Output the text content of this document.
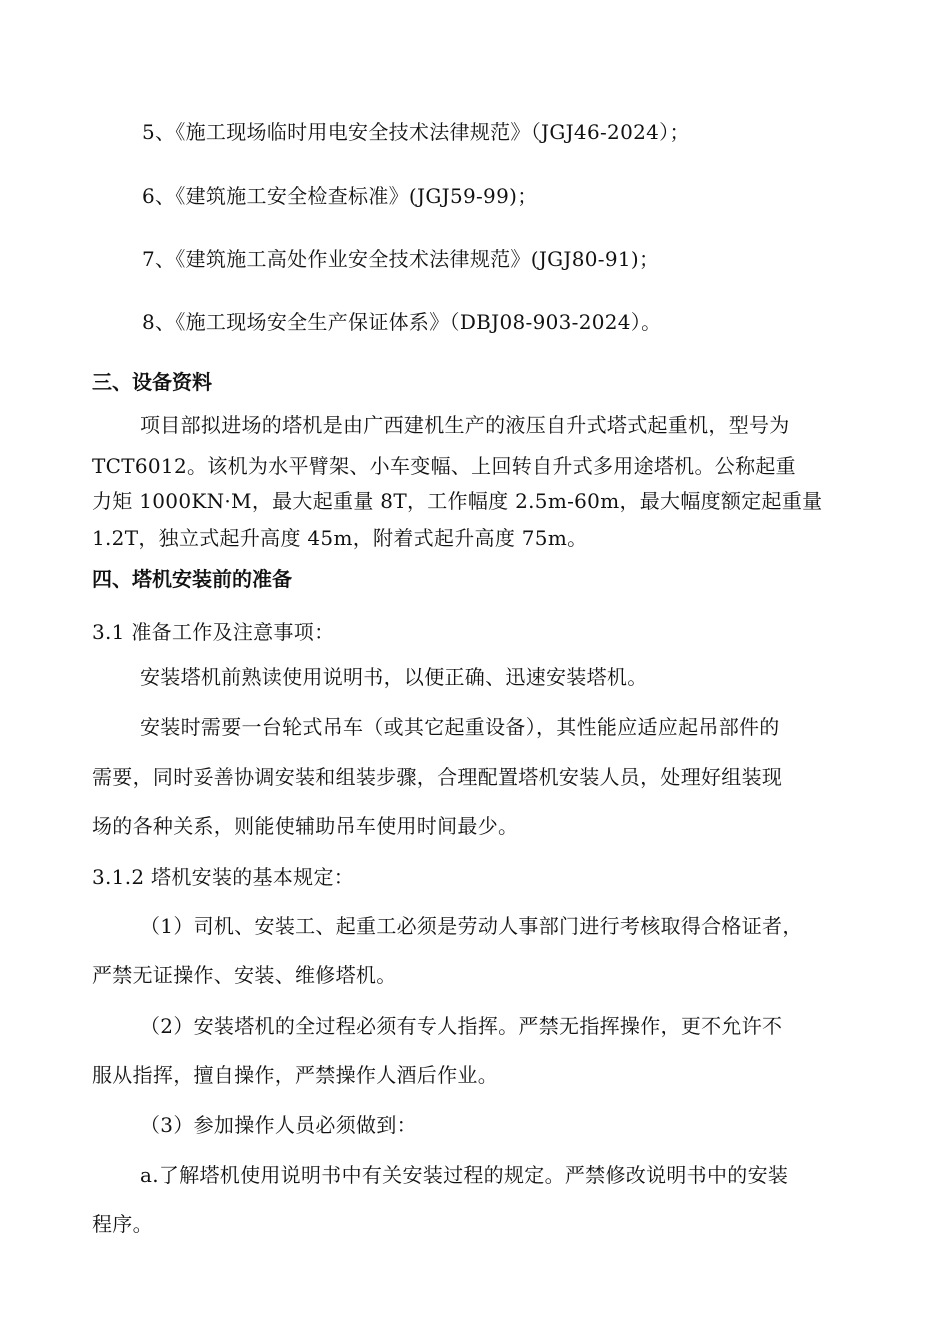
5、《施工现场临时用电安全技术法律规范》（JGJ46-2024）；
6、《建筑施工安全检查标准》(JGJ59-99)；
7、《建筑施工高处作业安全技术法律规范》(JGJ80-91)；
8、《施工现场安全生产保证体系》（DBJ08-903-2024）。
三、设备资料
项目部拟进场的塔机是由广西建机生产的液压自升式塔式起重机，型号为
TCT6012。该机为水平臂架、小车变幅、上回转自升式多用途塔机。公称起重
力矩 1000KN·M，最大起重量 8T，工作幅度 2.5m-60m，最大幅度额定起重量
1.2T，独立式起升高度 45m，附着式起升高度 75m。
四、塔机安装前的准备
3.1 准备工作及注意事项：
安装塔机前熟读使用说明书，以便正确、迅速安装塔机。
安装时需要一台轮式吊车（或其它起重设备），其性能应适应起吊部件的
需要，同时妥善协调安装和组装步骤，合理配置塔机安装人员，处理好组装现
场的各种关系，则能使辅助吊车使用时间最少。
3.1.2 塔机安装的基本规定：
（1）司机、安装工、起重工必须是劳动人事部门进行考核取得合格证者，
严禁无证操作、安装、维修塔机。
（2）安装塔机的全过程必须有专人指挥。严禁无指挥操作，更不允许不
服从指挥，擅自操作，严禁操作人酒后作业。
（3）参加操作人员必须做到：
a.了解塔机使用说明书中有关安装过程的规定。严禁修改说明书中的安装
程序。
